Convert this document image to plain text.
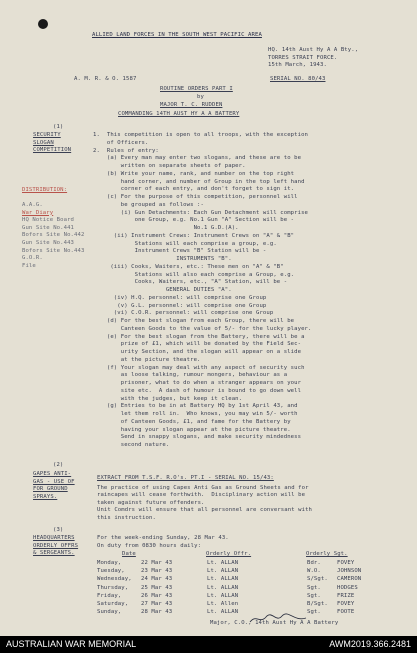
ALLIED LAND FORCES IN THE SOUTH WEST PACIFIC AREA
HQ. 14th Aust Hy A A Bty.,
TORRES STRAIT FORCE.
15th March, 1943.
A. M. R. & O. 1587	SERIAL NO. 80/43
ROUTINE ORDERS PART I
by
MAJOR T. C. RUDDEN
COMMANDING 14TH AUST HY A A BATTERY
(1)
SECURITY
SLOGAN
COMPETITION
1.  This competition is open to all troops, with the exception
of Officers.
2.  Rules of entry:
(a) Every man may enter two slogans, and these are to be
written on separate sheets of paper.
(b) Write your name, rank, and number on the top right
hand corner, and number of Group in the top left hand
corner of each entry, and don't forget to sign it.
(c) For the purpose of this competition, personnel will
be grouped as follows :-
(i) Gun Detachments: Each Gun Detachment will comprise
one Group, e.g. No.1 Gun "A" Section will be -
No.1 G.D.(A).
(ii) Instrument Crews: Instrument Crews on "A" & "B"
Stations will each comprise a group, e.g.
Instrument Crews "B" Station will be -
INSTRUMENTS "B".
(iii) Cooks, Waiters, etc.: These men on "A" & "B"
Stations will also each comprise a Group, e.g.
Cooks, Waiters, etc., "A" Station, will be -
GENERAL DUTIES "A".
(iv) H.Q. personnel: will comprise one Group
(v) G.L. personnel: will comprise one Group
(vi) C.O.R. personnel: will comprise one Group
(d) For the best slogan from each Group, there will be
Canteen Goods to the value of 5/- for the lucky player.
(e) For the best slogan from the Battery, there will be a
prize of £1, which will be donated by the Field Sec-
urity Section, and the slogan will appear on a slide
at the picture theatre.
(f) Your slogan may deal with any aspect of security such
as loose talking, rumour mongers, behaviour as a
prisoner, what to do when a stranger appears on your
site etc.  A dash of humour is bound to go down well
with the judges, but keep it clean.
(g) Entries to be in at Battery HQ by 1st April 43, and
let them roll in.  Who knows, you may win 5/- worth
of Canteen Goods, £1, and fame for the Battery by
having your slogan appear at the picture theatre.
Send in snappy slogans, and make security mindedness
second nature.
DISTRIBUTION:
A.A.G.
War Diary
HQ Notice Board
Gun Site No.441
Bofors Site No.442
Gun Site No.443
Bofors Site No.443
G.O.R.
File
(2)
GAPES ANTI-
GAS - USE OF
FOR GROUND
SPRAYS.
EXTRACT FROM T.S.F. R.O's. PT.I - SERIAL NO. 15/43:
The practice of using Capes Anti Gas as Ground Sheets and for
raincapes will cease forthwith.  Disciplinary action will be
taken against future offenders.
Unit Comdrs will ensure that all personnel are conversant with
this instruction.
(3)
HEADQUARTERS
ORDERLY OFFRS
& SERGEANTS.
For the week-ending Sunday, 28 Mar 43.
On duty from 0830 hours daily:
Date	Orderly Offr.	Orderly Sgt.
Monday,	22 Mar 43	Lt. ALLAN	Bdr.	FOVEY
Tuesday,	23 Mar 43	Lt. ALLAN	W.O.	JOHNSON
Wednesday, 24 Mar 43	Lt. ALLAN	S/Sgt. CAMERON
Thursday, 25 Mar 43	Lt. ALLAN	Sgt.	HODGES
Friday,	26 Mar 43	Lt. ALLAN	Sgt.	FRIZE
Saturday, 27 Mar 43	Lt. Allen	B/Sgt. FOVEY
Sunday,	28 Mar 43	Lt. ALLAN	Sgt.	FOOTE
Major, C.O., 14th Aust Hy A A Battery
AUSTRALIAN WAR MEMORIAL	AWM2019.366.2481
